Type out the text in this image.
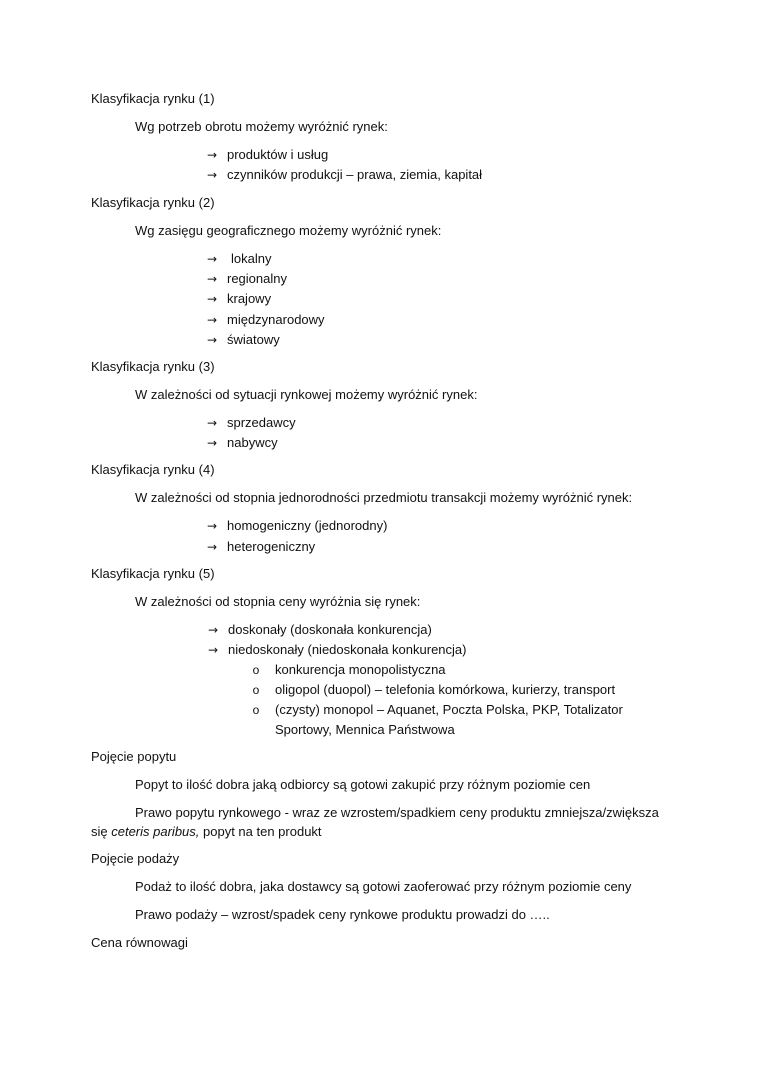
Klasyfikacja rynku (1)
Wg potrzeb obrotu możemy wyróżnić rynek:
→ produktów i usług
→ czynników produkcji – prawa, ziemia, kapitał
Klasyfikacja rynku (2)
Wg zasięgu geograficznego możemy wyróżnić rynek:
→ lokalny
→ regionalny
→ krajowy
→ międzynarodowy
→ światowy
Klasyfikacja rynku (3)
W zależności od sytuacji rynkowej możemy wyróżnić rynek:
→ sprzedawcy
→ nabywcy
Klasyfikacja rynku (4)
W zależności od stopnia jednorodności przedmiotu transakcji możemy wyróżnić rynek:
→ homogeniczny (jednorodny)
→ heterogeniczny
Klasyfikacja rynku (5)
W zależności od stopnia ceny wyróżnia się rynek:
→ doskonały (doskonała konkurencja)
→ niedoskonały (niedoskonała konkurencja)
o konkurencja monopolistyczna
o oligopol (duopol) – telefonia komórkowa, kurierzy, transport
o (czysty) monopol – Aquanet, Poczta Polska, PKP, Totalizator
Sportowy, Mennica Państwowa
Pojęcie popytu
Popyt to ilość dobra jaką odbiorcy są gotowi zakupić przy różnym poziomie cen
Prawo popytu rynkowego - wraz ze wzrostem/spadkiem ceny produktu zmniejsza/zwiększa
się ceteris paribus, popyt na ten produkt
Pojęcie podaży
Podaż to ilość dobra, jaka dostawcy są gotowi zaoferować przy różnym poziomie ceny
Prawo podaży – wzrost/spadek ceny rynkowe produktu prowadzi do …..
Cena równowagi
